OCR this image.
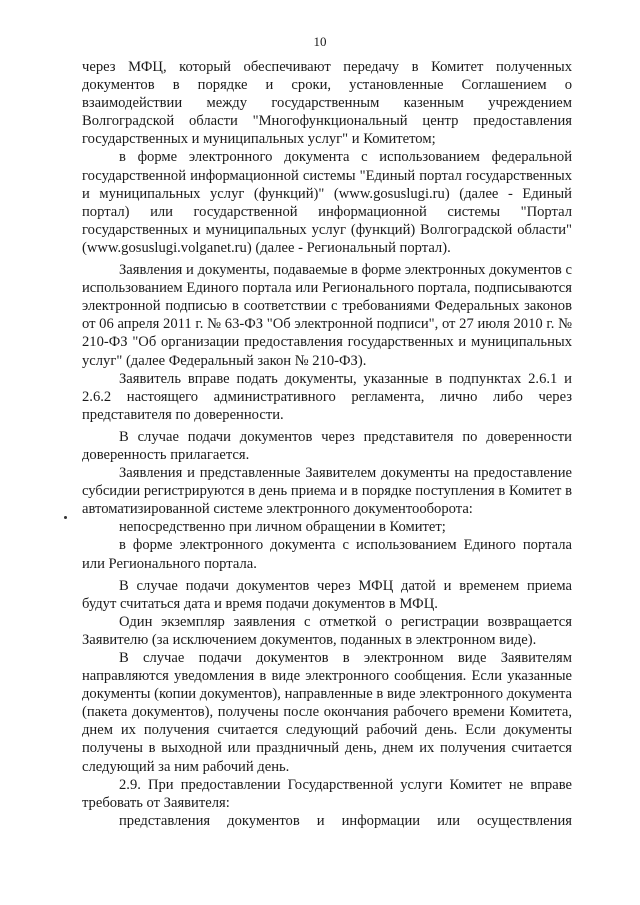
10

через МФЦ, который обеспечивают передачу в Комитет полученных документов в порядке и сроки, установленные Соглашением о взаимодействии между государственным казенным учреждением Волгоградской области "Многофункциональный центр предоставления государственных и муниципальных услуг" и Комитетом;

в форме электронного документа с использованием федеральной государственной информационной системы "Единый портал государственных и муниципальных услуг (функций)" (www.gosuslugi.ru) (далее - Единый портал) или государственной информационной системы "Портал государственных и муниципальных услуг (функций) Волгоградской области" (www.gosuslugi.volganet.ru) (далее - Региональный портал).

Заявления и документы, подаваемые в форме электронных документов с использованием Единого портала или Регионального портала, подписываются электронной подписью в соответствии с требованиями Федеральных законов от 06 апреля 2011 г. № 63-ФЗ "Об электронной подписи", от 27 июля 2010 г. № 210-ФЗ "Об организации предоставления государственных и муниципальных услуг" (далее Федеральный закон № 210-ФЗ).

Заявитель вправе подать документы, указанные в подпунктах 2.6.1 и 2.6.2 настоящего административного регламента, лично либо через представителя по доверенности.

В случае подачи документов через представителя по доверенности доверенность прилагается.

Заявления и представленные Заявителем документы на предоставление субсидии регистрируются в день приема и в порядке поступления в Комитет в автоматизированной системе электронного документооборота:

непосредственно при личном обращении в Комитет;

в форме электронного документа с использованием Единого портала или Регионального портала.

В случае подачи документов через МФЦ датой и временем приема будут считаться дата и время подачи документов в МФЦ.

Один экземпляр заявления с отметкой о регистрации возвращается Заявителю (за исключением документов, поданных в электронном виде).

В случае подачи документов в электронном виде Заявителям направляются уведомления в виде электронного сообщения. Если указанные документы (копии документов), направленные в виде электронного документа (пакета документов), получены после окончания рабочего времени Комитета, днем их получения считается следующий рабочий день. Если документы получены в выходной или праздничный день, днем их получения считается следующий за ним рабочий день.

2.9. При предоставлении Государственной услуги Комитет не вправе требовать от Заявителя:

представления документов и информации или осуществления
